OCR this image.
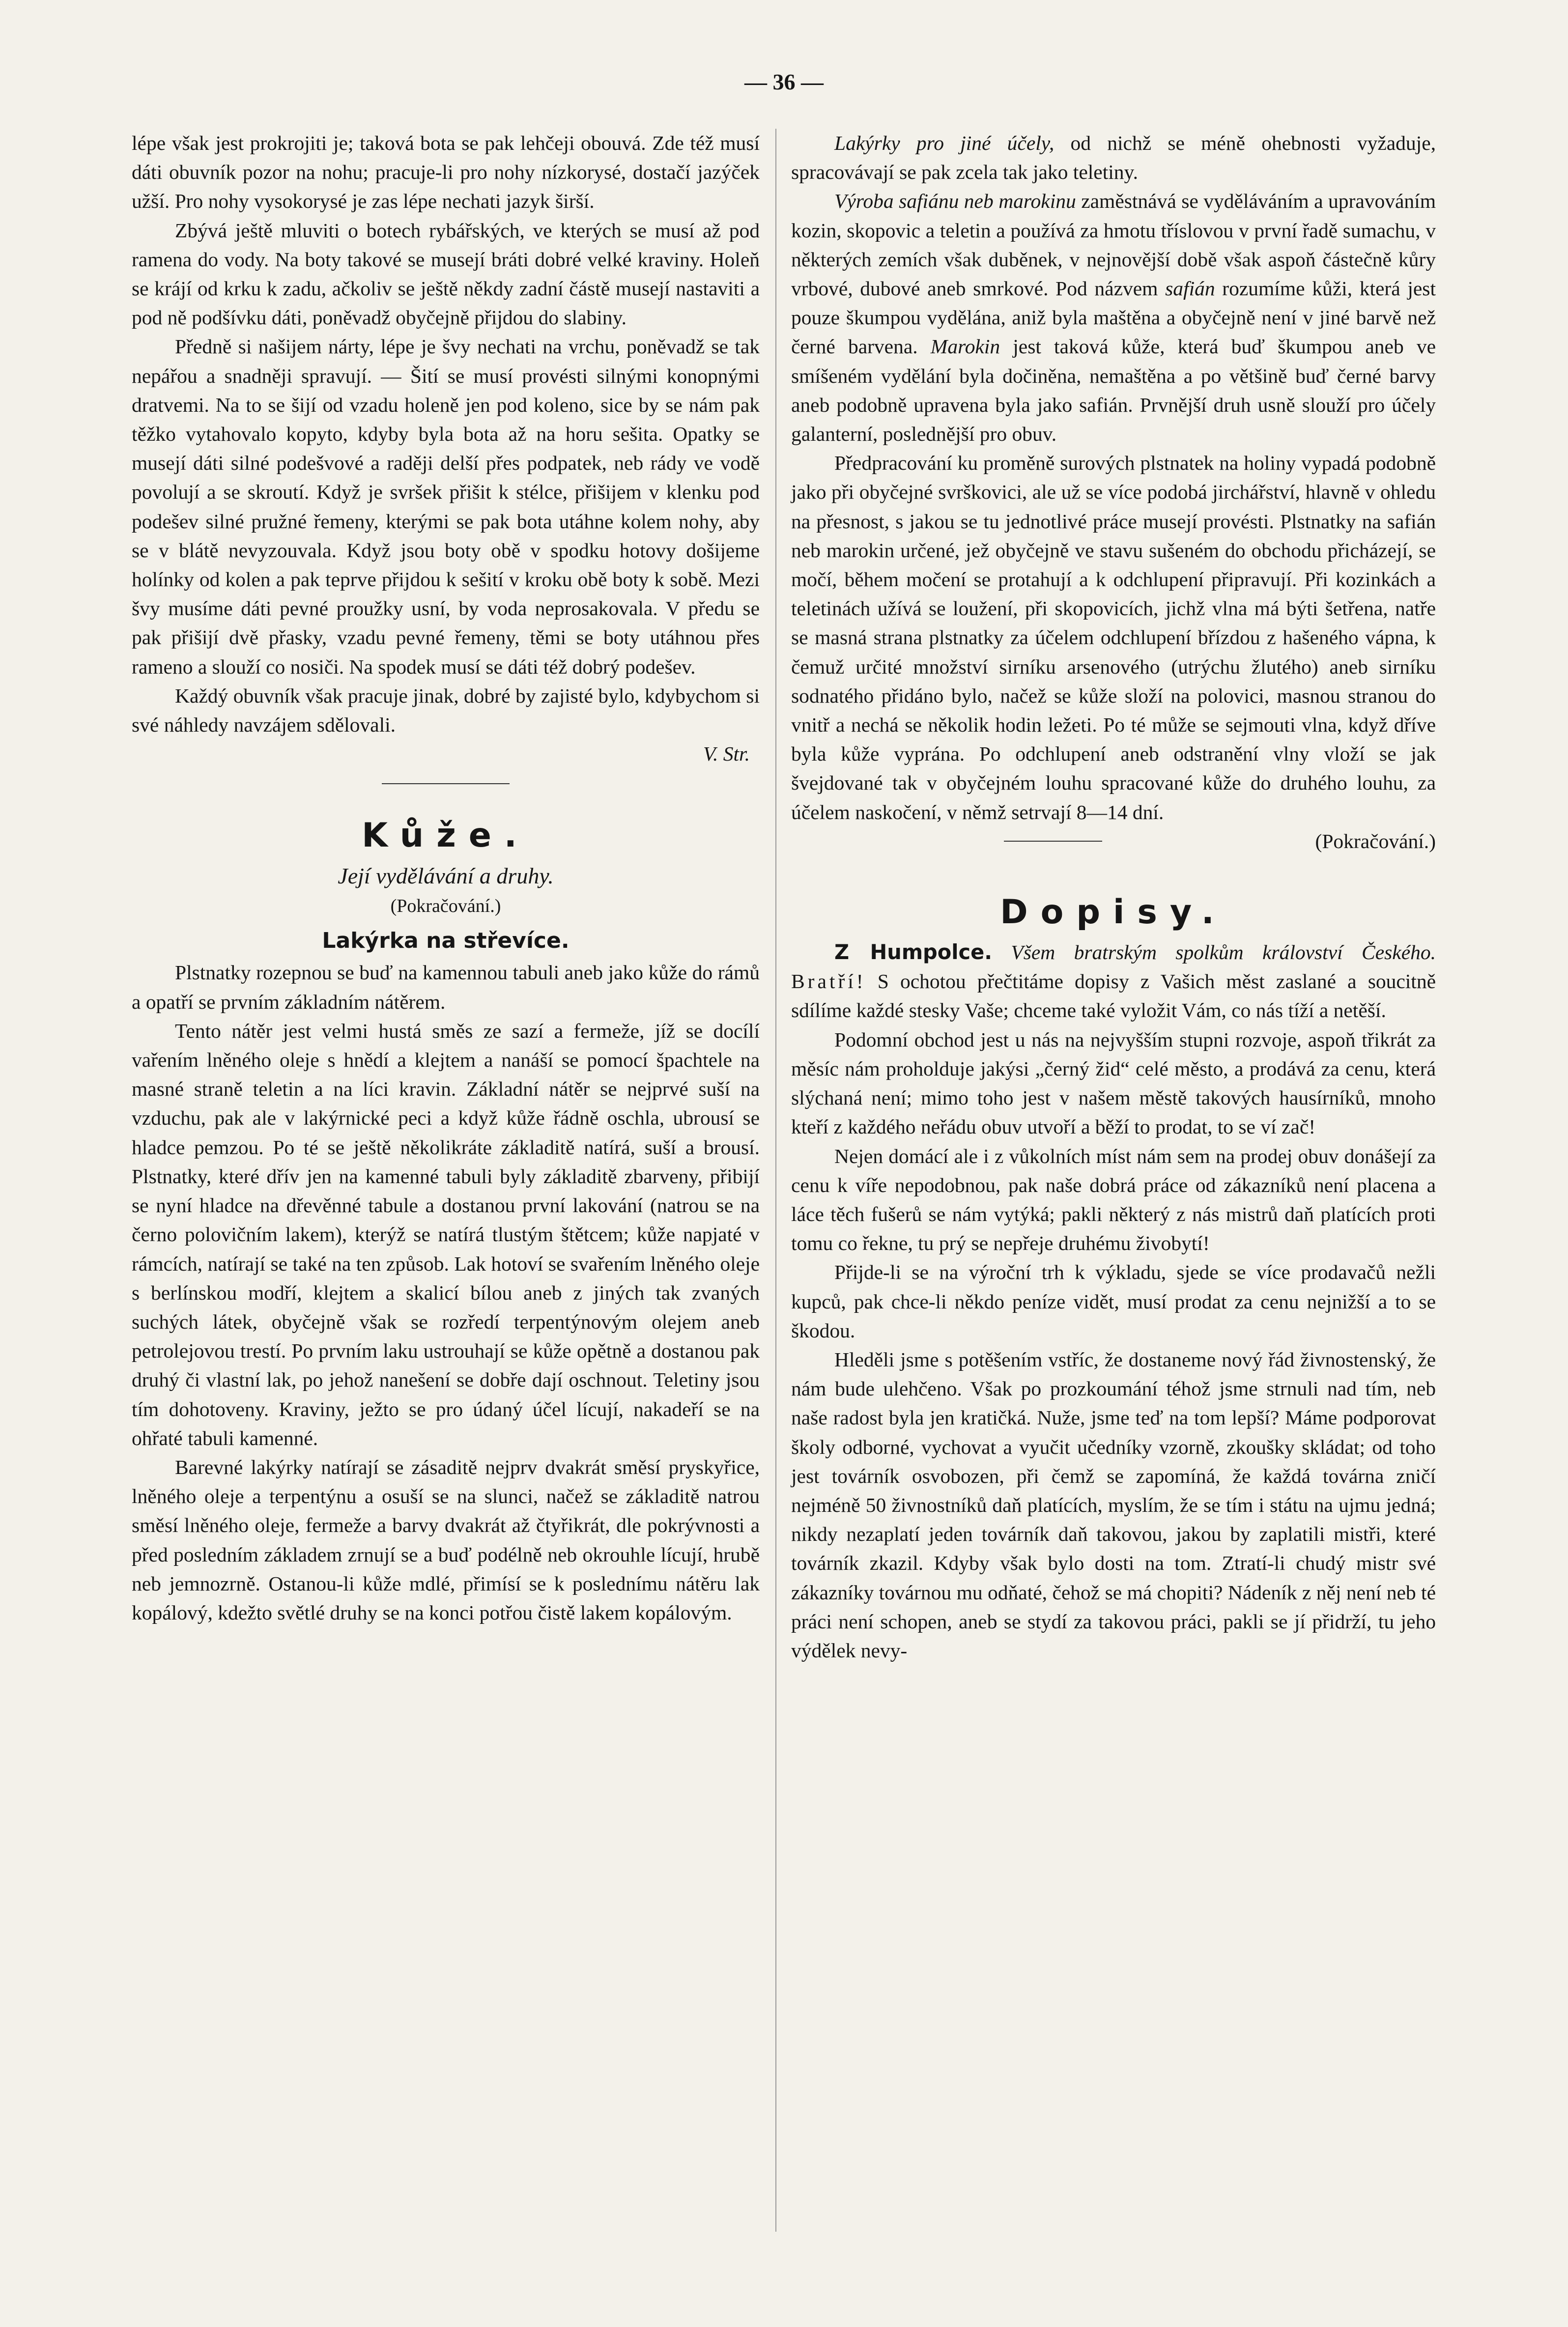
— 36 —

lépe však jest prokrojiti je; taková bota se pak lehčeji obouvá. Zde též musí dáti obuvník pozor na nohu; pracuje-li pro nohy nízkorysé, dostačí jazýček užší. Pro nohy vysokorysé je zas lépe nechati jazyk širší.

Zbývá ještě mluviti o botech rybářských, ve kterých se musí až pod ramena do vody. Na boty takové se musejí bráti dobré velké kraviny. Holeň se krájí od krku k zadu, ačkoliv se ještě někdy zadní částě musejí nastaviti a pod ně podšívku dáti, poněvadž obyčejně přijdou do slabiny.

Předně si našijem nárty, lépe je švy nechati na vrchu, poněvadž se tak nepářou a snadněji spravují. — Šití se musí provésti silnými konopnými dratvemi. Na to se šijí od vzadu holeně jen pod koleno, sice by se nám pak těžko vytahovalo kopyto, kdyby byla bota až na horu sešita. Opatky se musejí dáti silné podešvové a raději delší přes podpatek, neb rády ve vodě povolují a se skroutí. Když je svršek přišit k stélce, přišijem v klenku pod podešev silné pružné řemeny, kterými se pak bota utáhne kolem nohy, aby se v blátě nevyzouvala. Když jsou boty obě v spodku hotovy došijeme holínky od kolen a pak teprve přijdou k sešití v kroku obě boty k sobě. Mezi švy musíme dáti pevné proužky usní, by voda neprosakovala. V předu se pak přišijí dvě přasky, vzadu pevné řemeny, těmi se boty utáhnou přes rameno a slouží co nosiči. Na spodek musí se dáti též dobrý podešev.

Každý obuvník však pracuje jinak, dobré by zajisté bylo, kdybychom si své náhledy navzájem sdělovali.

V. Str.

Kůže.
Její vydělávání a druhy.
(Pokračování.)
Lakýrka na střevíce.

Plstnatky rozepnou se buď na kamennou tabuli aneb jako kůže do rámů a opatří se prvním základním nátěrem.

Tento nátěr jest velmi hustá směs ze sazí a fermeže, jíž se docílí vařením lněného oleje s hnědí a klejtem a nanáší se pomocí špachtele na masné straně teletin a na líci kravin. Základní nátěr se nejprvé suší na vzduchu, pak ale v lakýrnické peci a když kůže řádně oschla, ubrousí se hladce pemzou. Po té se ještě několikráte základitě natírá, suší a brousí. Plstnatky, které dřív jen na kamenné tabuli byly základitě zbarveny, přibijí se nyní hladce na dřevěnné tabule a dostanou první lakování (natrou se na černo polovičním lakem), kterýž se natírá tlustým štětcem; kůže napjaté v rámcích, natírají se také na ten způsob. Lak hotoví se svařením lněného oleje s berlínskou modří, klejtem a skalicí bílou aneb z jiných tak zvaných suchých látek, obyčejně však se rozředí terpentýnovým olejem aneb petrolejovou trestí. Po prvním laku ustrouhají se kůže opětně a dostanou pak druhý či vlastní lak, po jehož nanešení se dobře dají oschnout. Teletiny jsou tím dohotoveny. Kraviny, ježto se pro údaný účel lícují, nakadeří se na ohřaté tabuli kamenné.

Barevné lakýrky natírají se zásaditě nejprv dvakrát směsí pryskyřice, lněného oleje a terpentýnu a osuší se na slunci, načež se základitě natrou směsí lněného oleje, fermeže a barvy dvakrát až čtyřikrát, dle pokrývnosti a před posledním základem zrnují se a buď podélně neb okrouhle lícují, hrubě neb jemnozrně. Ostanou-li kůže mdlé, přimísí se k poslednímu nátěru lak kopálový, kdežto světlé druhy se na konci potřou čistě lakem kopálovým.

Lakýrky pro jiné účely, od nichž se méně ohebnosti vyžaduje, spracovávají se pak zcela tak jako teletiny.

Výroba safiánu neb marokinu zaměstnává se vyděláváním a upravováním kozin, skopovic a teletin a používá za hmotu tříslovou v první řadě sumachu, v některých zemích však duběnek, v nejnovější době však aspoň částečně kůry vrbové, dubové aneb smrkové. Pod názvem safián rozumíme kůži, která jest pouze škumpou vydělána, aniž byla maštěna a obyčejně není v jiné barvě než černé barvena. Marokin jest taková kůže, která buď škumpou aneb ve smíšeném vydělání byla dočiněna, nemaštěna a po většině buď černé barvy aneb podobně upravena byla jako safián. Prvnější druh usně slouží pro účely galanterní, poslednější pro obuv.

Předpracování ku proměně surových plstnatek na holiny vypadá podobně jako při obyčejné svrškovici, ale už se více podobá jirchářství, hlavně v ohledu na přesnost, s jakou se tu jednotlivé práce musejí provésti. Plstnatky na safián neb marokin určené, jež obyčejně ve stavu sušeném do obchodu přicházejí, se močí, během močení se protahují a k odchlupení připravují. Při kozinkách a teletinách užívá se loužení, při skopovicích, jichž vlna má býti šetřena, natře se masná strana plstnatky za účelem odchlupení břízdou z hašeného vápna, k čemuž určité množství sirníku arsenového (utrýchu žlutého) aneb sirníku sodnatého přidáno bylo, načež se kůže složí na polovici, masnou stranou do vnitř a nechá se několik hodin ležeti. Po té může se sejmouti vlna, když dříve byla kůže vyprána. Po odchlupení aneb odstranění vlny vloží se jak švejdované tak v obyčejném louhu spracované kůže do druhého louhu, za účelem naskočení, v němž setrvají 8—14 dní.

(Pokračování.)

Dopisy.

Z Humpolce. Všem bratrským spolkům království Českého. Bratří! S ochotou přečtitáme dopisy z Vašich měst zaslané a soucitně sdílíme každé stesky Vaše; chceme také vyložit Vám, co nás tíží a netěší.

Podomní obchod jest u nás na nejvyšším stupni rozvoje, aspoň třikrát za měsíc nám proholduje jakýsi „černý žid“ celé město, a prodává za cenu, která slýchaná není; mimo toho jest v našem městě takových hausírníků, mnoho kteří z každého neřádu obuv utvoří a běží to prodat, to se ví zač!

Nejen domácí ale i z vůkolních míst nám sem na prodej obuv donášejí za cenu k víře nepodobnou, pak naše dobrá práce od zákazníků není placena a láce těch fušerů se nám vytýká; pakli některý z nás mistrů daň platících proti tomu co řekne, tu prý se nepřeje druhému živobytí!

Přijde-li se na výroční trh k výkladu, sjede se více prodavačů nežli kupců, pak chce-li někdo peníze vidět, musí prodat za cenu nejnižší a to se škodou.

Hleděli jsme s potěšením vstříc, že dostaneme nový řád živnostenský, že nám bude ulehčeno. Však po prozkoumání téhož jsme strnuli nad tím, neb naše radost byla jen kratičká. Nuže, jsme teď na tom lepší? Máme podporovat školy odborné, vychovat a vyučit učedníky vzorně, zkoušky skládat; od toho jest továrník osvobozen, při čemž se zapomíná, že každá továrna zničí nejméně 50 živnostníků daň platících, myslím, že se tím i státu na ujmu jedná; nikdy nezaplatí jeden továrník daň takovou, jakou by zaplatili mistři, které továrník zkazil. Kdyby však bylo dosti na tom. Ztratí-li chudý mistr své zákazníky továrnou mu odňaté, čehož se má chopiti? Nádeník z něj není neb té práci není schopen, aneb se stydí za takovou práci, pakli se jí přidrží, tu jeho výdělek nevy-
